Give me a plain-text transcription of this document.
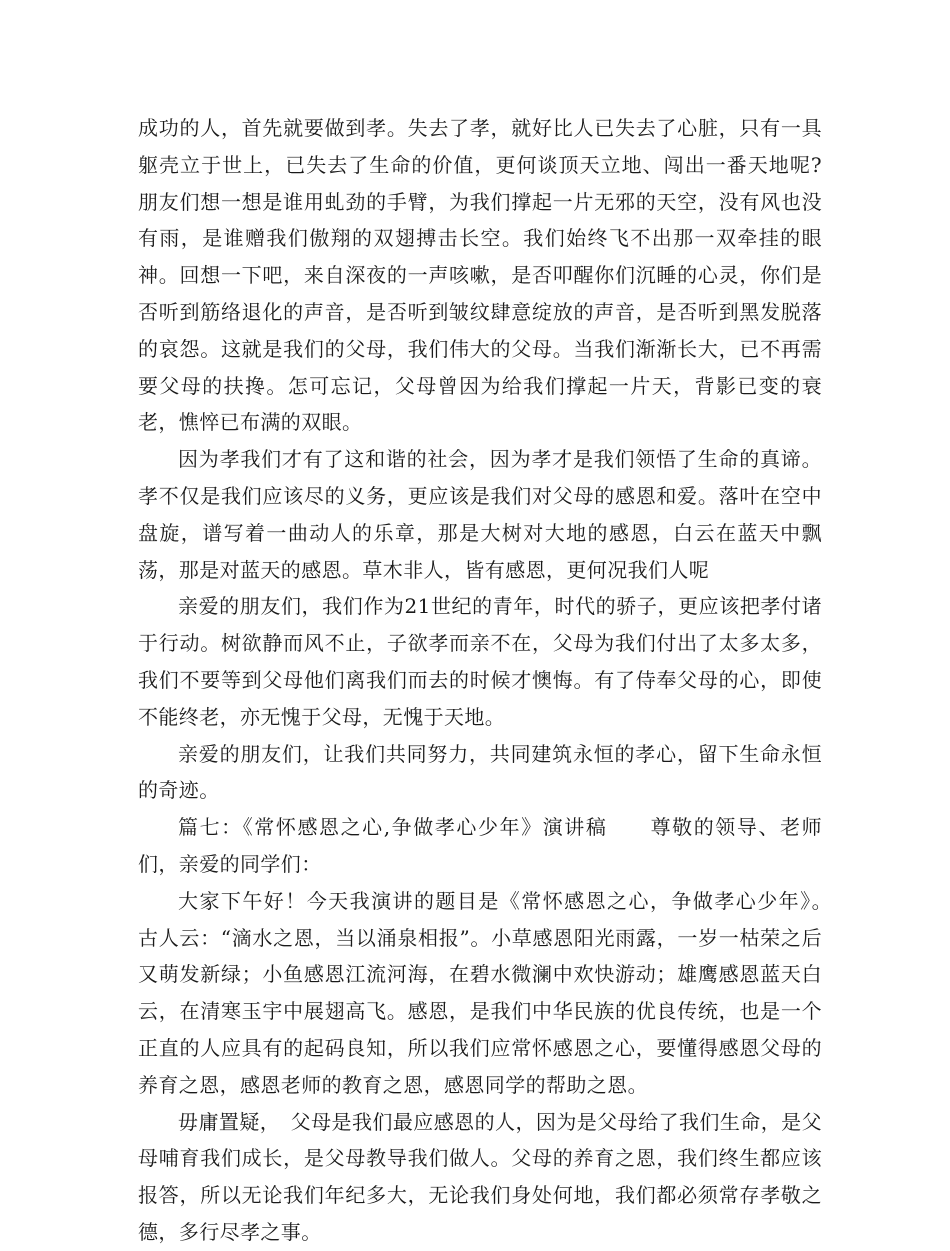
成功的人，首先就要做到孝。失去了孝，就好比人已失去了心脏，只有一具躯壳立于世上，已失去了生命的价值，更何谈顶天立地、闯出一番天地呢?朋友们想一想是谁用虬劲的手臂，为我们撑起一片无邪的天空，没有风也没有雨，是谁赠我们傲翔的双翅搏击长空。我们始终飞不出那一双牵挂的眼神。回想一下吧，来自深夜的一声咳嗽，是否叩醒你们沉睡的心灵，你们是否听到筋络退化的声音，是否听到皱纹肆意绽放的声音，是否听到黑发脱落的哀怨。这就是我们的父母，我们伟大的父母。当我们渐渐长大，已不再需要父母的扶搀。怎可忘记，父母曾因为给我们撑起一片天，背影已变的衰老，憔悴已布满的双眼。

因为孝我们才有了这和谐的社会，因为孝才是我们领悟了生命的真谛。孝不仅是我们应该尽的义务，更应该是我们对父母的感恩和爱。落叶在空中盘旋，谱写着一曲动人的乐章，那是大树对大地的感恩，白云在蓝天中飘荡，那是对蓝天的感恩。草木非人，皆有感恩，更何况我们人呢

亲爱的朋友们，我们作为21世纪的青年，时代的骄子，更应该把孝付诸于行动。树欲静而风不止，子欲孝而亲不在，父母为我们付出了太多太多，我们不要等到父母他们离我们而去的时候才懊悔。有了侍奉父母的心，即使不能终老，亦无愧于父母，无愧于天地。

亲爱的朋友们，让我们共同努力，共同建筑永恒的孝心，留下生命永恒的奇迹。

篇七：《常怀感恩之心,争做孝心少年》演讲稿　　尊敬的领导、老师们，亲爱的同学们：

大家下午好！今天我演讲的题目是《常怀感恩之心，争做孝心少年》。　古人云：“滴水之恩，当以涌泉相报”。小草感恩阳光雨露，一岁一枯荣之后又萌发新绿；小鱼感恩江流河海，在碧水微澜中欢快游动；雄鹰感恩蓝天白云，在清寒玉宇中展翅高飞。感恩，是我们中华民族的优良传统，也是一个正直的人应具有的起码良知，所以我们应常怀感恩之心，要懂得感恩父母的养育之恩，感恩老师的教育之恩，感恩同学的帮助之恩。

毋庸置疑，　父母是我们最应感恩的人，因为是父母给了我们生命，是父母哺育我们成长，是父母教导我们做人。父母的养育之恩，我们终生都应该报答，所以无论我们年纪多大，无论我们身处何地，我们都必须常存孝敬之德，多行尽孝之事。
